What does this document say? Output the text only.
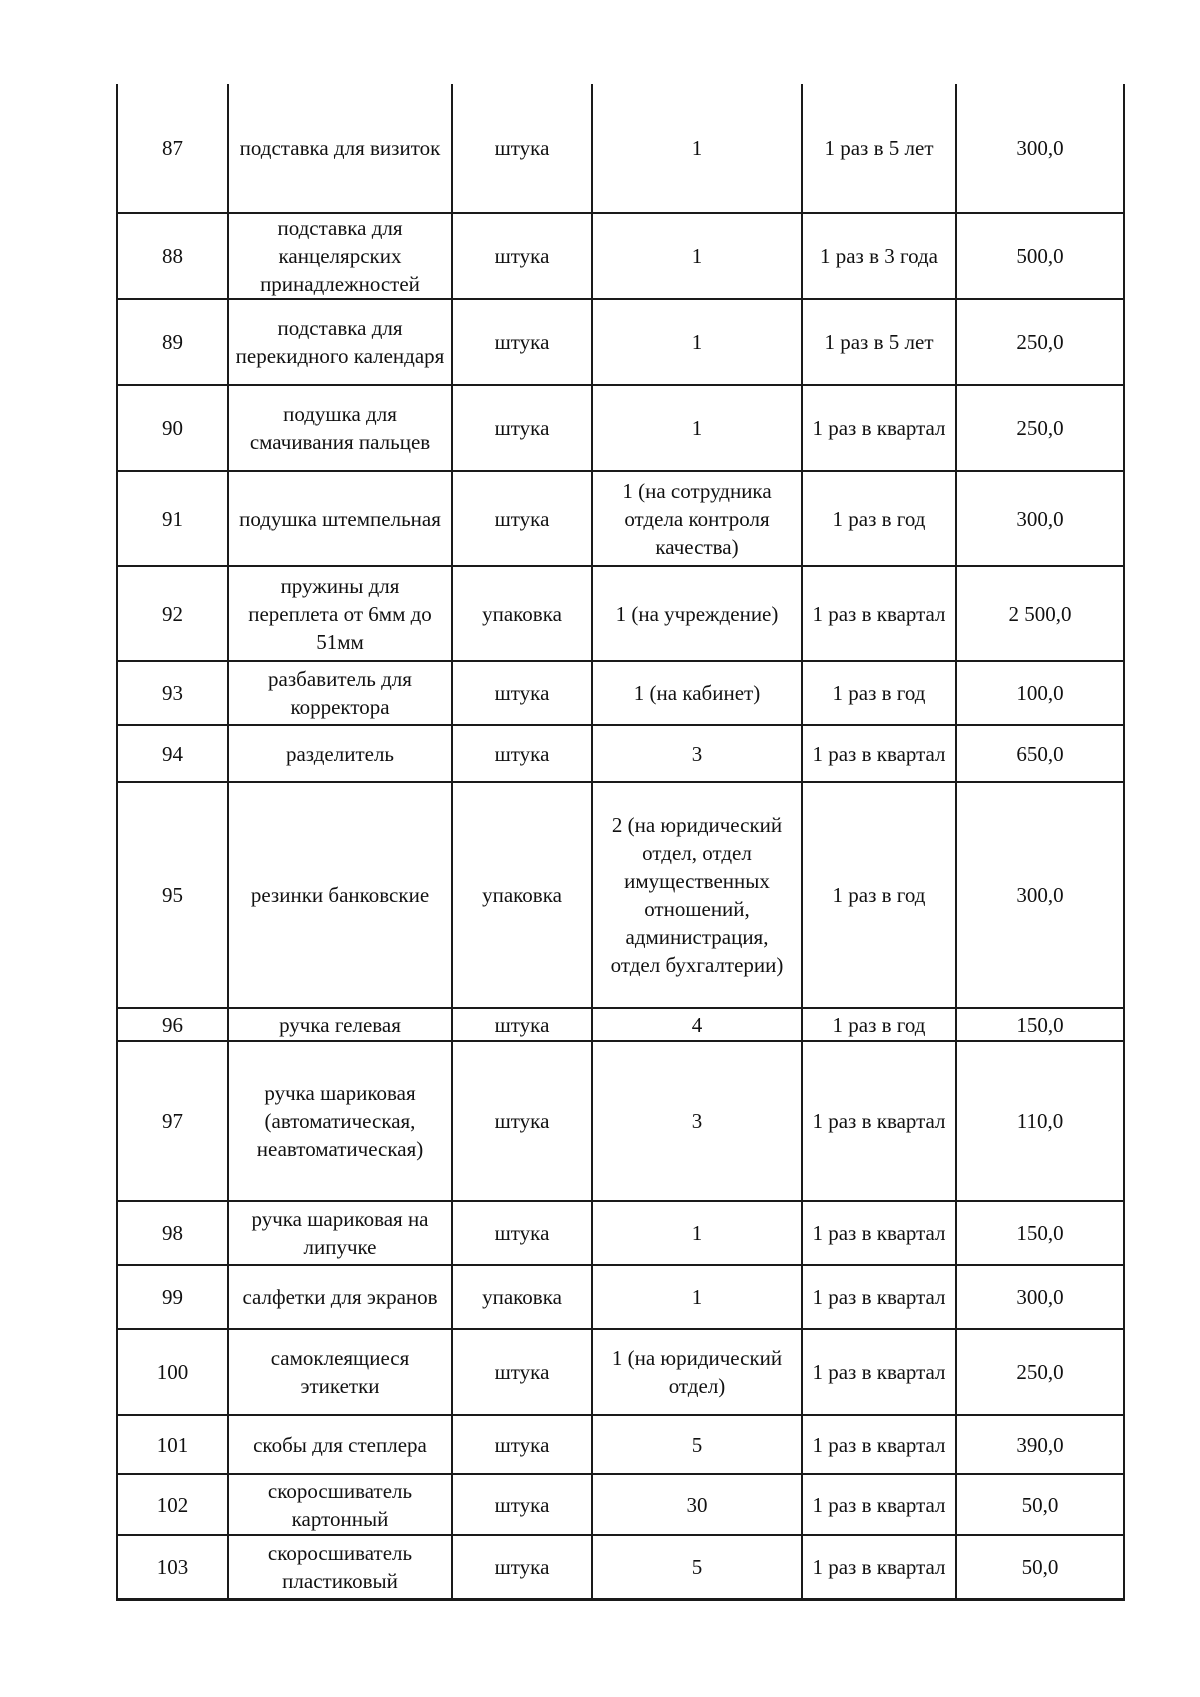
87	подставка для визиток	штука	1	1 раз в 5 лет	300,0
88	подставка для канцелярских принадлежностей	штука	1	1 раз в 3 года	500,0
89	подставка для перекидного календаря	штука	1	1 раз в 5 лет	250,0
90	подушка для смачивания пальцев	штука	1	1 раз в квартал	250,0
91	подушка штемпельная	штука	1 (на сотрудника отдела контроля качества)	1 раз в год	300,0
92	пружины для переплета от 6мм до 51мм	упаковка	1 (на учреждение)	1 раз в квартал	2 500,0
93	разбавитель для корректора	штука	1 (на кабинет)	1 раз в год	100,0
94	разделитель	штука	3	1 раз в квартал	650,0
95	резинки банковские	упаковка	2 (на юридический отдел, отдел имущественных отношений, администрация, отдел бухгалтерии)	1 раз в год	300,0
96	ручка гелевая	штука	4	1 раз в год	150,0
97	ручка шариковая (автоматическая, неавтоматическая)	штука	3	1 раз в квартал	110,0
98	ручка шариковая на липучке	штука	1	1 раз в квартал	150,0
99	салфетки для экранов	упаковка	1	1 раз в квартал	300,0
100	самоклеящиеся этикетки	штука	1 (на юридический отдел)	1 раз в квартал	250,0
101	скобы для степлера	штука	5	1 раз в квартал	390,0
102	скоросшиватель картонный	штука	30	1 раз в квартал	50,0
103	скоросшиватель пластиковый	штука	5	1 раз в квартал	50,0
